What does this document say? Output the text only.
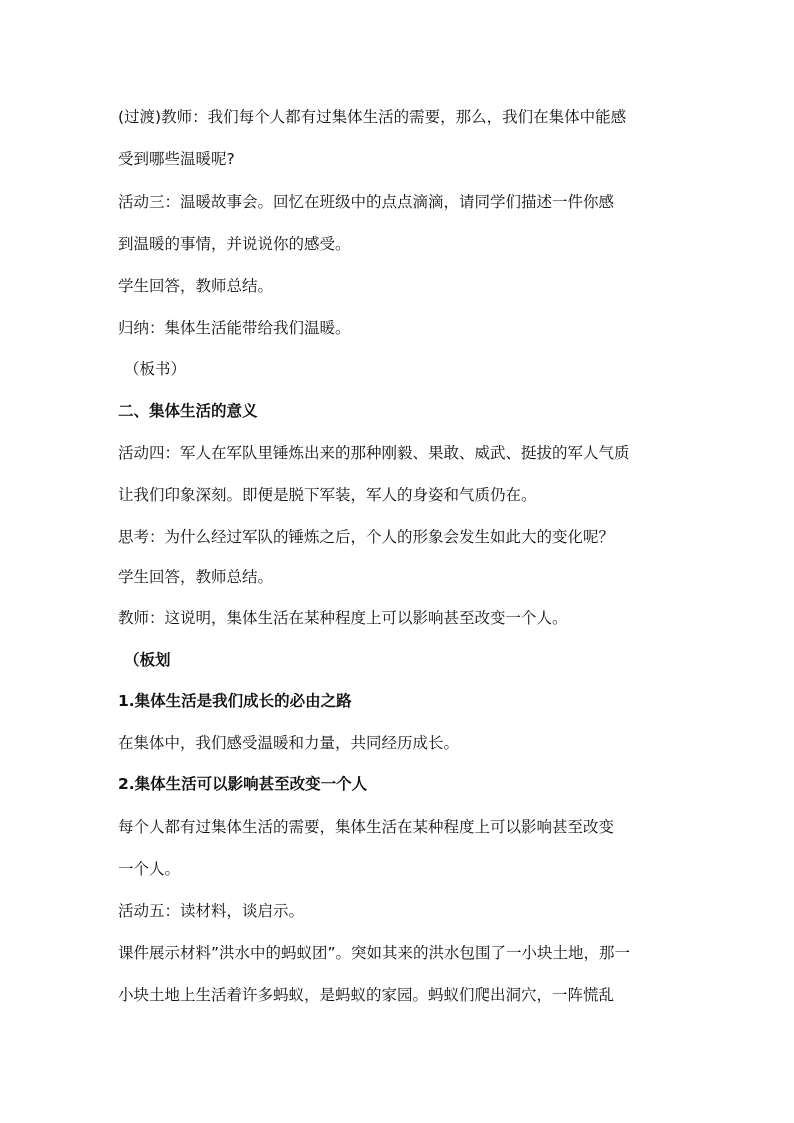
(过渡)教师：我们每个人都有过集体生活的需要，那么，我们在集体中能感
受到哪些温暖呢?
活动三：温暖故事会。回忆在班级中的点点滴滴，请同学们描述一件你感
到温暖的事情，并说说你的感受。
学生回答，教师总结。
归纳：集体生活能带给我们温暖。
（板书）
二、集体生活的意义
活动四：军人在军队里锤炼出来的那种刚毅、果敢、威武、挺拔的军人气质
让我们印象深刻。即便是脱下军装，军人的身姿和气质仍在。
思考：为什么经过军队的锤炼之后，个人的形象会发生如此大的变化呢？
学生回答，教师总结。
教师：这说明，集体生活在某种程度上可以影响甚至改变一个人。
（板划
1.集体生活是我们成长的必由之路
在集体中，我们感受温暖和力量，共同经历成长。
2.集体生活可以影响甚至改变一个人
每个人都有过集体生活的需要，集体生活在某种程度上可以影响甚至改变
一个人。
活动五：读材料，谈启示。
课件展示材料”洪水中的蚂蚁团”。突如其来的洪水包围了一小块土地，那一
小块土地上生活着许多蚂蚁，是蚂蚁的家园。蚂蚁们爬出洞穴，一阵慌乱
